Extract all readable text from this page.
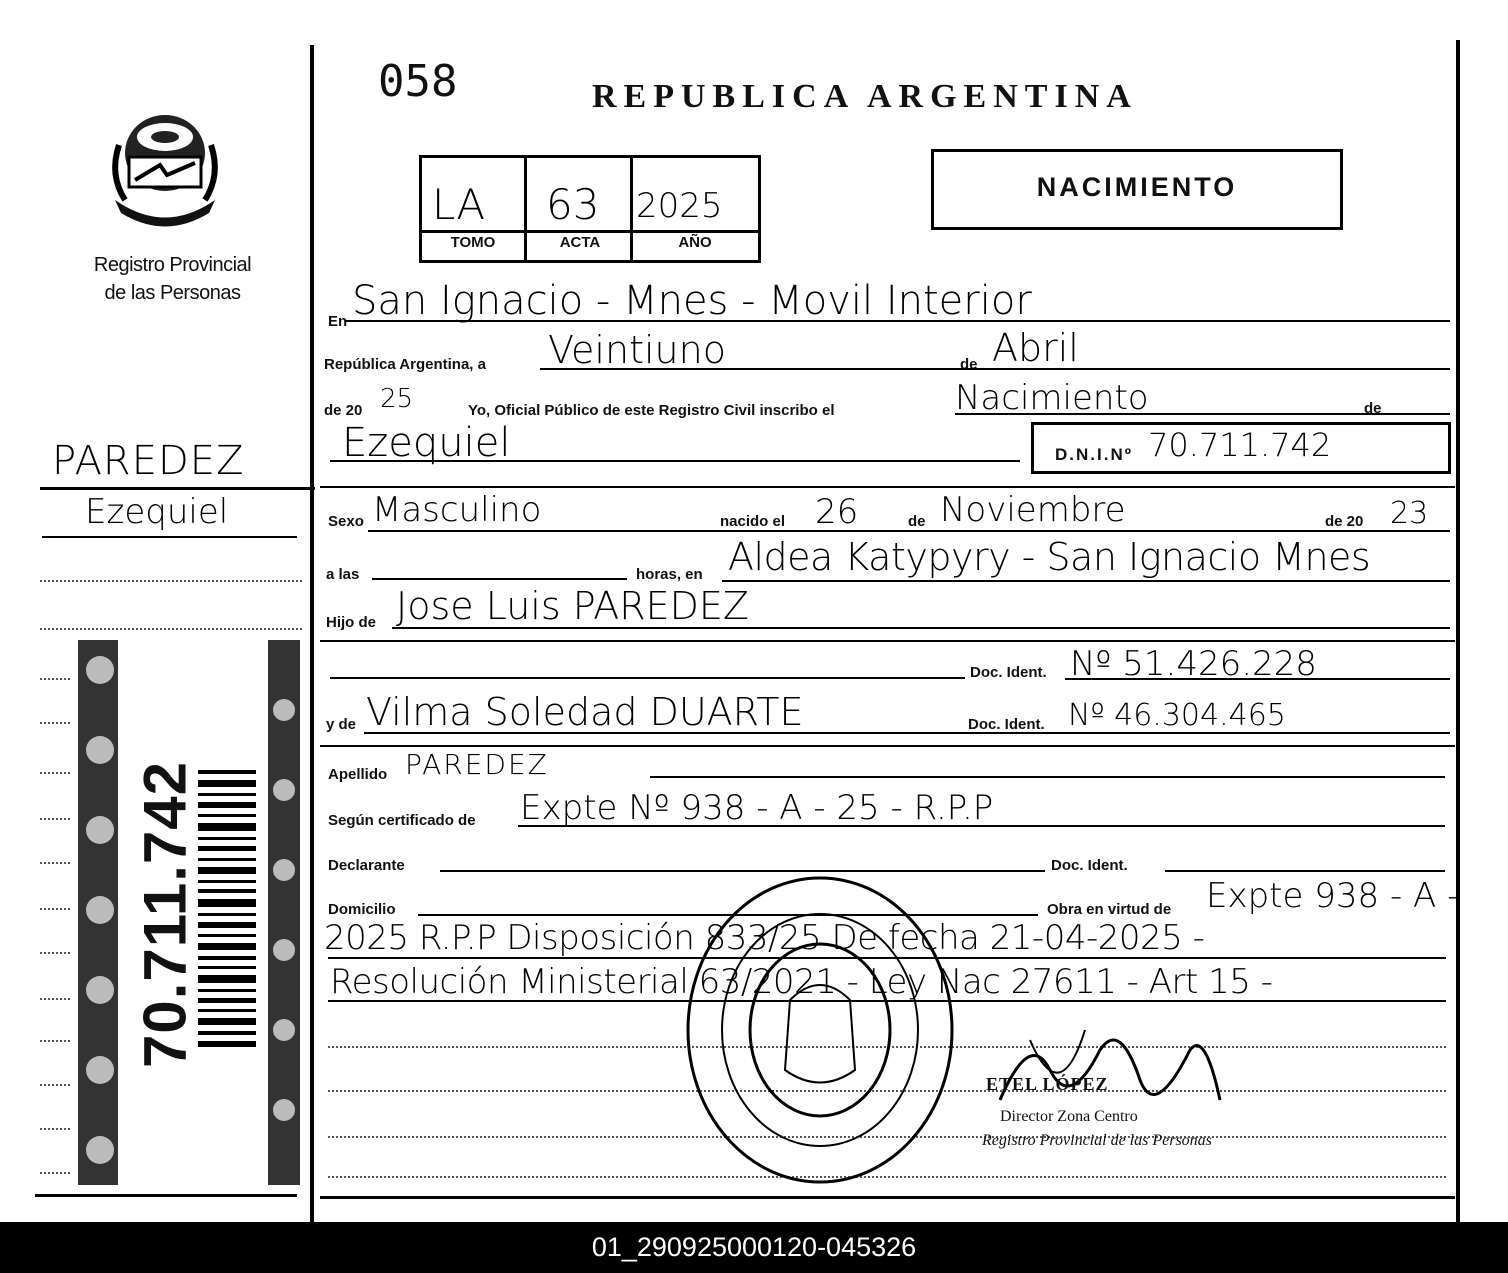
Registro Provincial
de las Personas
PAREDEZ
Ezequiel
70.711.742
058	REPUBLICA ARGENTINA
LA 63 2025
TOMO	ACTA	AÑO
NACIMIENTO
En San Ignacio - Mnes - Movil Interior
República Argentina, a Veintiuno	de Abril
de 20 25	Yo, Oficial Público de este Registro Civil inscribo el	Nacimiento	de
Ezequiel	D.N.I.Nº 70.711.742
Sexo Masculino	nacido el 26	de Noviembre	de 20 23
a las	horas, en Aldea Katypyry - San Ignacio Mnes
Hijo de Jose Luis PAREDEZ
Doc. Ident. Nº 51.426.228
y de Vilma Soledad DUARTE	Doc. Ident. Nº 46.304.465
Apellido PAREDEZ
Según certificado de Expte Nº 938 - A - 25 - R.P.P
Declarante	Doc. Ident.
Domicilio	Obra en virtud de Expte 938 - A -
2025 R.P.P Disposición 833/25 De fecha 21-04-2025 -
Resolución Ministerial 63/2021 - Ley Nac 27611 - Art 15 -
ETEL LÓPEZ
Director Zona Centro
Registro Provincial de las Personas
01_290925000120-045326
